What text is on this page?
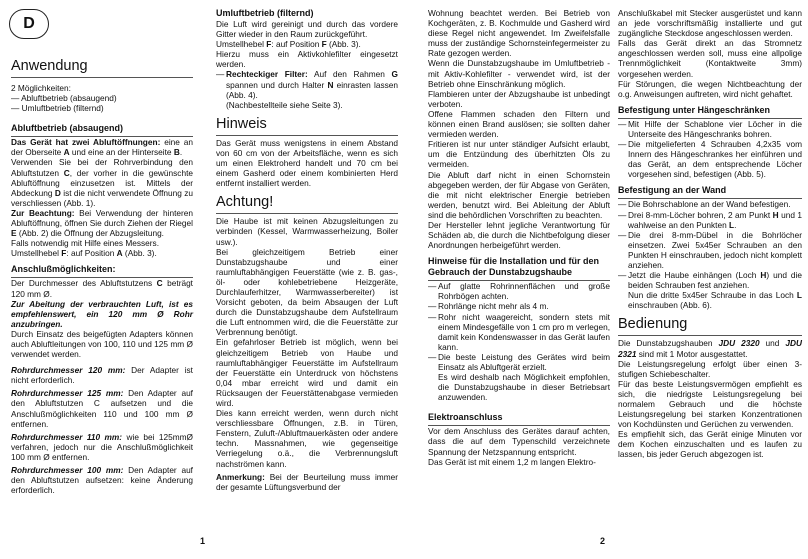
D
Anwendung

2 Möglichkeiten:

— Abluftbetrieb (absaugend)

— Umluftbetrieb (filternd)

Abluftbetrieb (absaugend)

Das Gerät hat zwei Abluftöffnungen: eine an der Oberseite A und eine an der Hinterseite B.

Verwenden Sie bei der Rohrverbindung den Abluftstutzen C, der vorher in die gewünschte Abluftöffnung einzusetzen ist. Mittels der Abdeckung D ist die nicht verwendete Öffnung zu verschliessen (Abb. 1).

Zur Beachtung: Bei Verwendung der hinteren Abluftöffnung, öffnen Sie durch Ziehen der Riegel E (Abb. 2) die Öffnung der Abzugsleitung.

Falls notwendig mit Hilfe eines Messers.

Umstellhebel F: auf Position A (Abb. 3).

Anschlußmöglichkeiten:

Der Durchmesser des Abluftstutzens C beträgt 120 mm Ø.

Zur Abeitung der verbrauchten Luft, ist es empfehlenswert, ein 120 mm Ø Rohr anzubringen.

Durch Einsatz des beigefügten Adapters können auch Abluftleitungen von 100, 110 und 125 mm Ø verwendet werden.

Rohrdurchmesser 120 mm: Der Adapter ist nicht erforderlich.

Rohrdurchmesser 125 mm: Den Adapter auf den Abluftstutzen C aufsetzen und die Anschlußmöglichkeiten 110 und 100 mm Ø entfernen.

Rohrdurchmesser 110 mm: wie bei 125mmØ verfahren, jedoch nur die Anschlußmöglichkeit 100 mm Ø entfernen.

Rohrdurchmesser 100 mm: Den Adapter auf den Abluftstutzen aufsetzen: keine Änderung erforderlich.

Umluftbetrieb (filternd)

Die Luft wird gereinigt und durch das vordere Gitter wieder in den Raum zurückgeführt.

Umstellhebel F: auf Position F (Abb. 3).

Hierzu muss ein Aktivkohlefilter eingesetzt werden.

— Rechteckiger Filter: Auf den Rahmen G spannen und durch Halter N einrasten lassen (Abb. 4).

(Nachbestellteile siehe Seite 3).

Hinweis

Das Gerät muss wenigstens in einem Abstand von 60 cm von der Arbeitsfläche, wenn es sich um einen Elektroherd handelt und 70 cm bei einem Gasherd oder einem kombinierten Herd entfernt installiert werden.

Achtung!

Die Haube ist mit keinen Abzugsleitungen zu verbinden (Kessel, Warmwasserheizung, Boiler usw.).

Bei gleichzeitigem Betrieb einer Dunstabzugshaube und einer raumluftabhängigen Feuerstätte (wie z. B. gas-, öl- oder kohlebetriebene Heizgeräte, Durchlauferhitzer, Warmwasserbereiter) ist Vorsicht geboten, da beim Absaugen der Luft durch die Dunstabzugshaube dem Aufstellraum die Luft entnommen wird, die die Feuerstätte zur Verbrennung benötigt.

Ein gefahrloser Betrieb ist möglich, wenn bei gleichzeitigem Betrieb von Haube und raumluftabhängiger Feuerstätte im Aufstellraum der Feuerstätte ein Unterdruck von höchstens 0,04 mbar erreicht wird und damit ein Rücksaugen der Feuerstättenabgase vermieden wird.

Dies kann erreicht werden, wenn durch nicht verschliessbare Öffnungen, z.B. in Türen, Fenstern, Zuluft-/Abluftmauerkästen oder andere techn. Massnahmen, wie gegenseitige Verriegelung o.ä., die Verbrennungsluft nachströmen kann.

Anmerkung: Bei der Beurteilung muss immer der gesamte Lüftungsverbund der

1

Wohnung beachtet werden. Bei Betrieb von Kochgeräten, z. B. Kochmulde und Gasherd wird diese Regel nicht angewendet. Im Zweifelsfalle muss der zuständige Schornsteinfegermeister zu Rate gezogen werden.

Wenn die Dunstabzugshaube im Umluftbetrieb - mit Aktiv-Kohlefilter - verwendet wird, ist der Betrieb ohne Einschränkung möglich.

Flambieren unter der Abzugshaube ist unbedingt verboten.

Offene Flammen schaden den Filtern und können einen Brand auslösen; sie sollten daher vermieden werden.

Fritieren ist nur unter ständiger Aufsicht erlaubt, um die Entzündung des überhitzten Öls zu vermeiden.

Die Abluft darf nicht in einen Schornstein abgegeben werden, der für Abgase von Geräten, die mit nicht elektrischer Energie betrieben werden, benutzt wird. Bei Ableitung der Abluft sind die behördlichen Vorschriften zu beachten.

Der Hersteller lehnt jegliche Verantwortung für Schäden ab, die durch die Nichtbefolgung dieser Anordnungen herbeigeführt werden.

Hinweise für die Installation und für den Gebrauch der Dunstabzugshaube
— Auf glatte Rohrinnenflächen und große Rohrbögen achten.
— Rohrlänge nicht mehr als 4 m.
— Rohr nicht waagereicht, sondern stets mit einem Mindesgefälle von 1 cm pro m verlegen, damit kein Kondenswasser in das Gerät laufen kann.
— Die beste Leistung des Gerätes wird beim Einsatz als Abluftgerät erzielt.

Es wird deshalb nach Möglichkeit empfohlen, die Dunstabzugshaube in dieser Betriebsart anzuwenden.

Elektroanschluss

Vor dem Anschluss des Gerätes darauf achten, dass die auf dem Typenschild verzeichnete Spannung der Netzspannung entspricht.

Das Gerät ist mit einem 1,2 m langen Elektro-

Anschlußkabel mit Stecker ausgerüstet und kann an jede vorschriftsmäßig installierte und gut zugängliche Steckdose angeschlossen werden.

Falls das Gerät direkt an das Stromnetz angeschlossen werden soll, muss eine allpolige Trennmöglichkeit (Kontaktweite 3mm) vorgesehen werden.

Für Störungen, die wegen Nichtbeachtung der o.g. Anweisungen auftreten, wird nicht gehaftet.

Befestigung unter Hängeschränken
— Mit Hilfe der Schablone vier Löcher in die Unterseite des Hängeschranks bohren.
— Die mitgelieferten 4 Schrauben 4,2x35 vom Innern des Hängeschrankes her einführen und das Gerät, an dem entsprechende Löcher vorgesehen sind, befestigen (Abb. 5).
Befestigung an der Wand
— Die Bohrschablone an der Wand befestigen.
— Drei 8-mm-Löcher bohren, 2 am Punkt H und 1 wahlweise an den Punkten L.
— Die drei 8-mm-Dübel in die Bohrlöcher einsetzen. Zwei 5x45er Schrauben an den Punkten H einschrauben, jedoch nicht komplett anziehen.
— Jetzt die Haube einhängen (Loch H) und die beiden Schrauben fest anziehen.

Nun die dritte 5x45er Schraube in das Loch L einschrauben (Abb. 6).

Bedienung

Die Dunstabzugshauben JDU 2320 und JDU 2321 sind mit 1 Motor ausgestattet.

Die Leistungsregelung erfolgt über einen 3-stufigen Schiebeschalter.

Für das beste Leistungsvermögen empfiehlt es sich, die niedrigste Leistungsregelung bei normalem Gebrauch und die höchste Leistungsregelung bei starken Konzentrationen von Kochdünsten und Gerüchen zu verwenden.

Es empfiehlt sich, das Gerät einige Minuten vor dem Kochen einzuschalten und es laufen zu lassen, bis jeder Geruch abgezogen ist.

2
